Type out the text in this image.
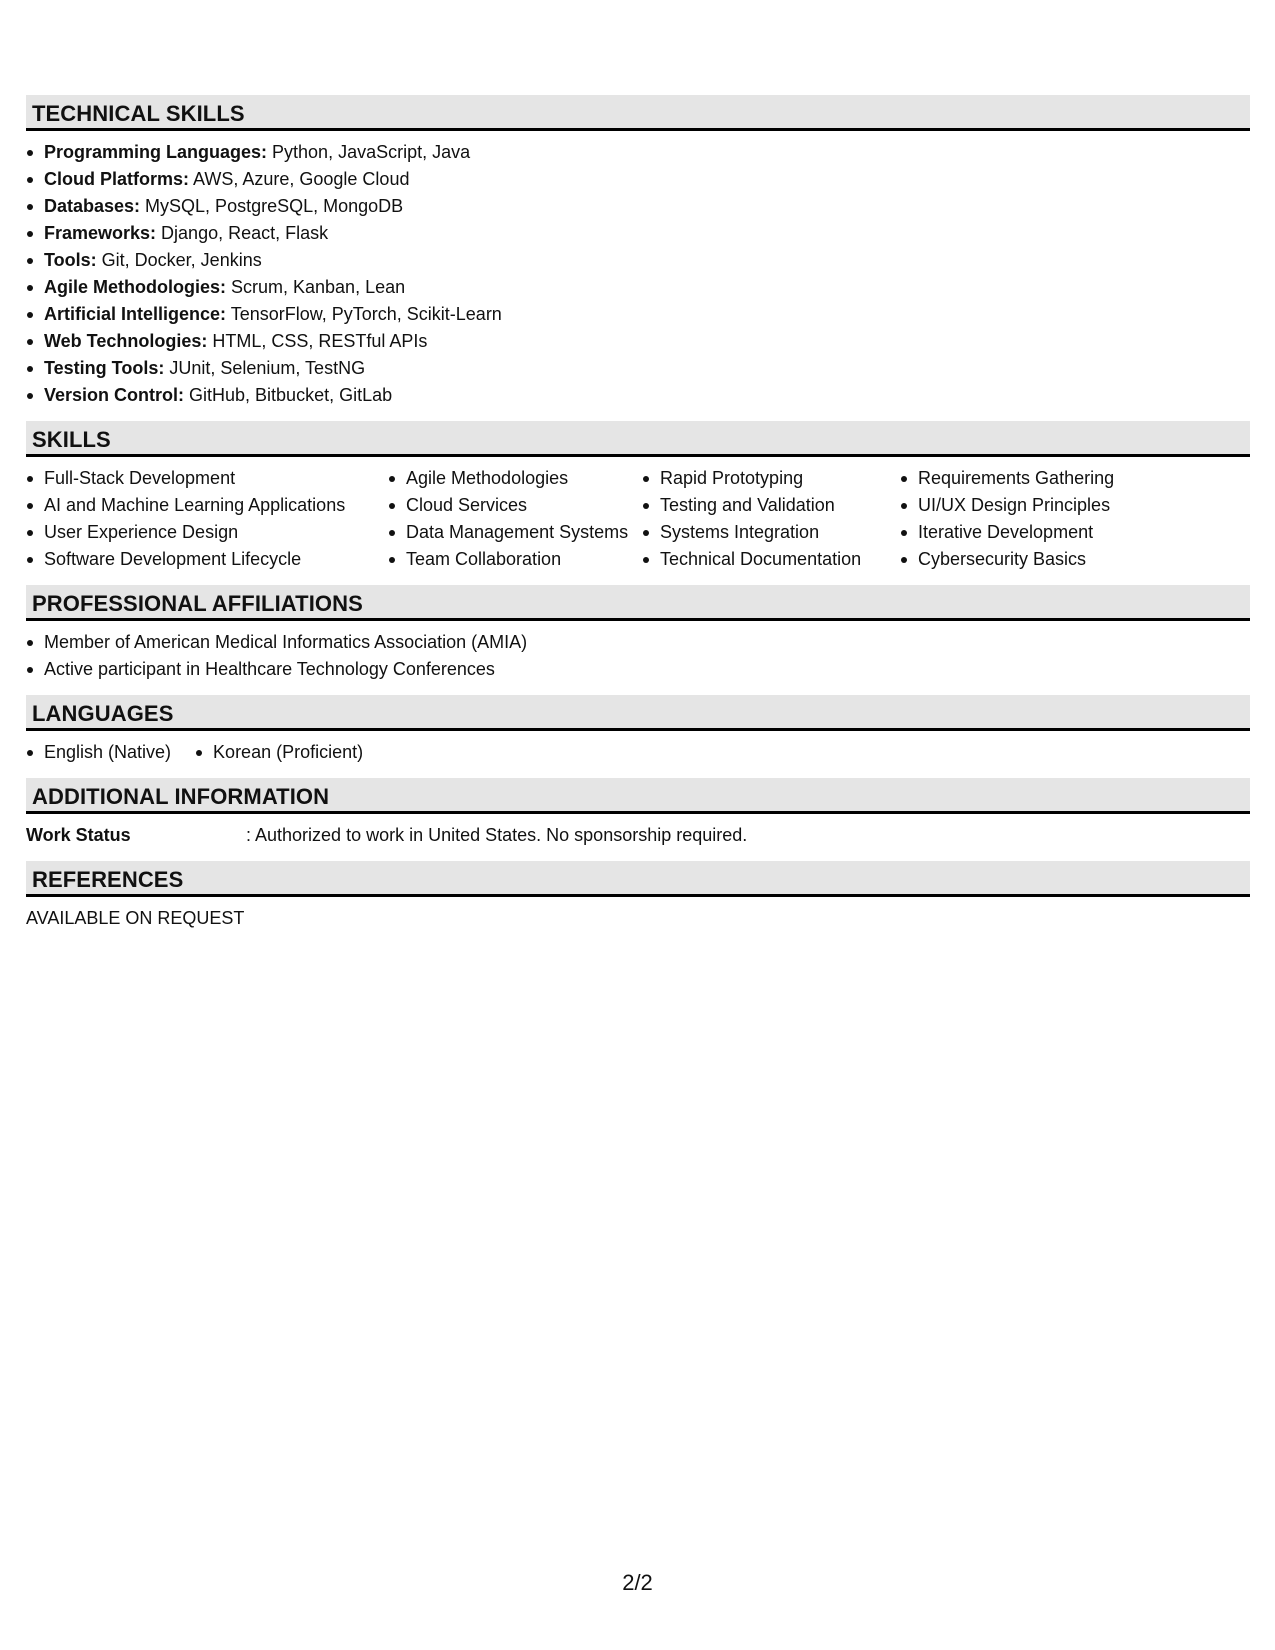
TECHNICAL SKILLS
Programming Languages: Python, JavaScript, Java
Cloud Platforms: AWS, Azure, Google Cloud
Databases: MySQL, PostgreSQL, MongoDB
Frameworks: Django, React, Flask
Tools: Git, Docker, Jenkins
Agile Methodologies: Scrum, Kanban, Lean
Artificial Intelligence: TensorFlow, PyTorch, Scikit-Learn
Web Technologies: HTML, CSS, RESTful APIs
Testing Tools: JUnit, Selenium, TestNG
Version Control: GitHub, Bitbucket, GitLab
SKILLS
Full-Stack Development
AI and Machine Learning Applications
User Experience Design
Software Development Lifecycle
Agile Methodologies
Cloud Services
Data Management Systems
Team Collaboration
Rapid Prototyping
Testing and Validation
Systems Integration
Technical Documentation
Requirements Gathering
UI/UX Design Principles
Iterative Development
Cybersecurity Basics
PROFESSIONAL AFFILIATIONS
Member of American Medical Informatics Association (AMIA)
Active participant in Healthcare Technology Conferences
LANGUAGES
English (Native)	Korean (Proficient)
ADDITIONAL INFORMATION
Work Status	: Authorized to work in United States. No sponsorship required.
REFERENCES
AVAILABLE ON REQUEST
2/2
